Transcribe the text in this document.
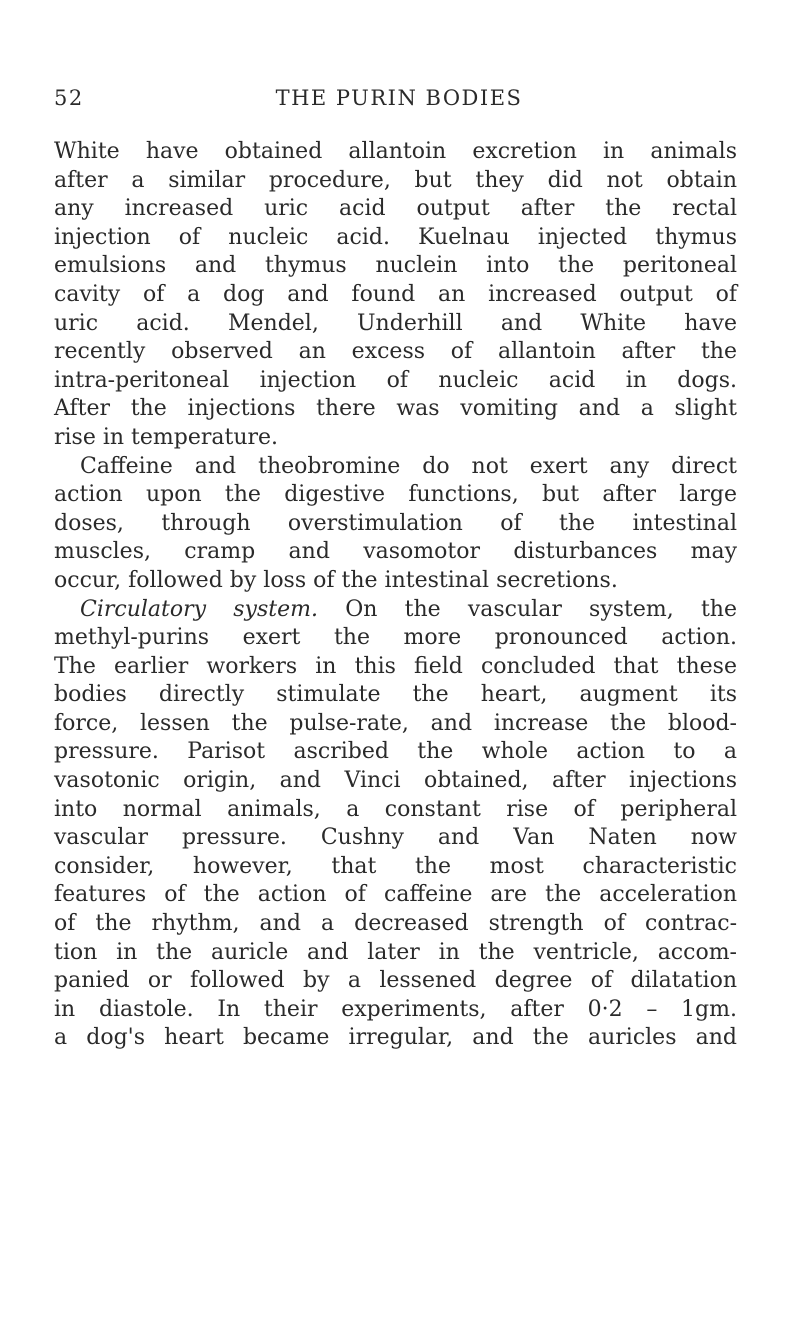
52	THE PURIN BODIES
White have obtained allantoin excretion in animals
after a similar procedure, but they did not obtain
any increased uric acid output after the rectal
injection of nucleic acid. Kuelnau injected thymus
emulsions and thymus nuclein into the peritoneal
cavity of a dog and found an increased output of
uric acid. Mendel, Underhill and White have
recently observed an excess of allantoin after the
intra-peritoneal injection of nucleic acid in dogs.
After the injections there was vomiting and a slight
rise in temperature.
Caffeine and theobromine do not exert any direct
action upon the digestive functions, but after large
doses, through overstimulation of the intestinal
muscles, cramp and vasomotor disturbances may
occur, followed by loss of the intestinal secretions.
Circulatory system. On the vascular system, the
methyl-purins exert the more pronounced action.
The earlier workers in this field concluded that these
bodies directly stimulate the heart, augment its
force, lessen the pulse-rate, and increase the blood-
pressure. Parisot ascribed the whole action to a
vasotonic origin, and Vinci obtained, after injections
into normal animals, a constant rise of peripheral
vascular pressure. Cushny and Van Naten now
consider, however, that the most characteristic
features of the action of caffeine are the acceleration
of the rhythm, and a decreased strength of contrac-
tion in the auricle and later in the ventricle, accom-
panied or followed by a lessened degree of dilatation
in diastole. In their experiments, after 0·2 – 1gm.
a dog's heart became irregular, and the auricles and
